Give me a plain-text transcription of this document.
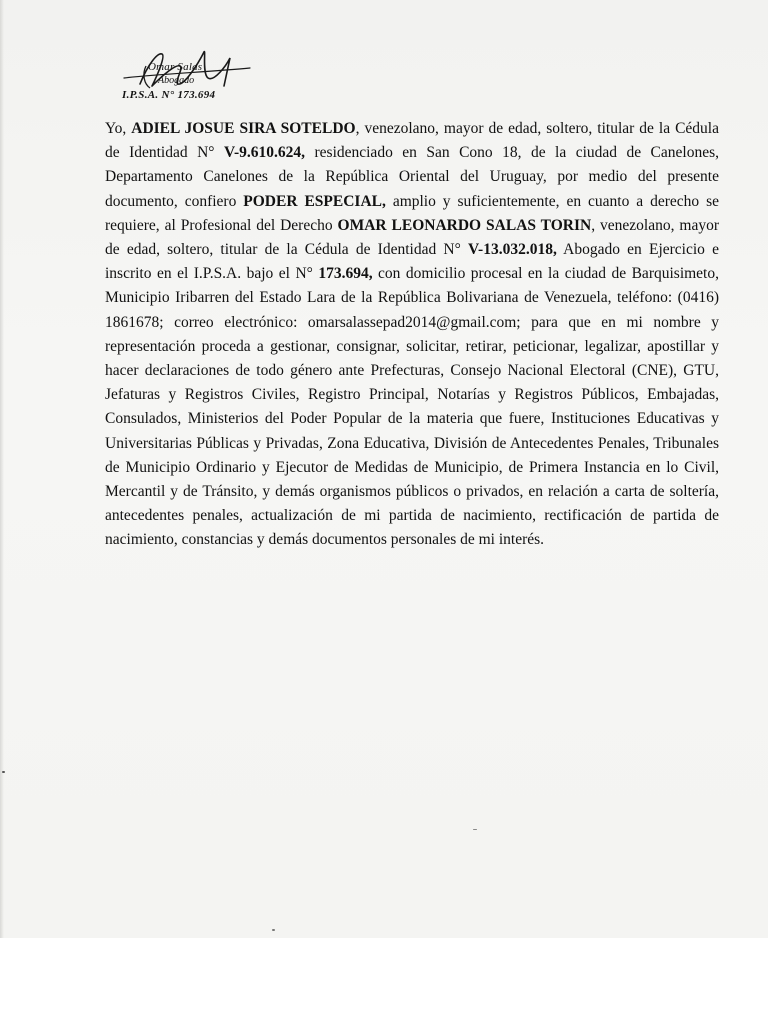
Omar Salas
Abogado
I.P.S.A. N° 173.694

Yo, ADIEL JOSUE SIRA SOTELDO, venezolano, mayor de edad, soltero, titular de la Cédula de Identidad N° V-9.610.624, residenciado en San Cono 18, de la ciudad de Canelones, Departamento Canelones de la República Oriental del Uruguay, por medio del presente documento, confiero PODER ESPECIAL, amplio y suficientemente, en cuanto a derecho se requiere, al Profesional del Derecho OMAR LEONARDO SALAS TORIN, venezolano, mayor de edad, soltero, titular de la Cédula de Identidad N° V-13.032.018, Abogado en Ejercicio e inscrito en el I.P.S.A. bajo el N° 173.694, con domicilio procesal en la ciudad de Barquisimeto, Municipio Iribarren del Estado Lara de la República Bolivariana de Venezuela, teléfono: (0416) 1861678; correo electrónico: omarsalassepad2014@gmail.com; para que en mi nombre y representación proceda a gestionar, consignar, solicitar, retirar, peticionar, legalizar, apostillar y hacer declaraciones de todo género ante Prefecturas, Consejo Nacional Electoral (CNE), GTU, Jefaturas y Registros Civiles, Registro Principal, Notarías y Registros Públicos, Embajadas, Consulados, Ministerios del Poder Popular de la materia que fuere, Instituciones Educativas y Universitarias Públicas y Privadas, Zona Educativa, División de Antecedentes Penales, Tribunales de Municipio Ordinario y Ejecutor de Medidas de Municipio, de Primera Instancia en lo Civil, Mercantil y de Tránsito, y demás organismos públicos o privados, en relación a carta de soltería, antecedentes penales, actualización de mi partida de nacimiento, rectificación de partida de nacimiento, constancias y demás documentos personales de mi interés.
